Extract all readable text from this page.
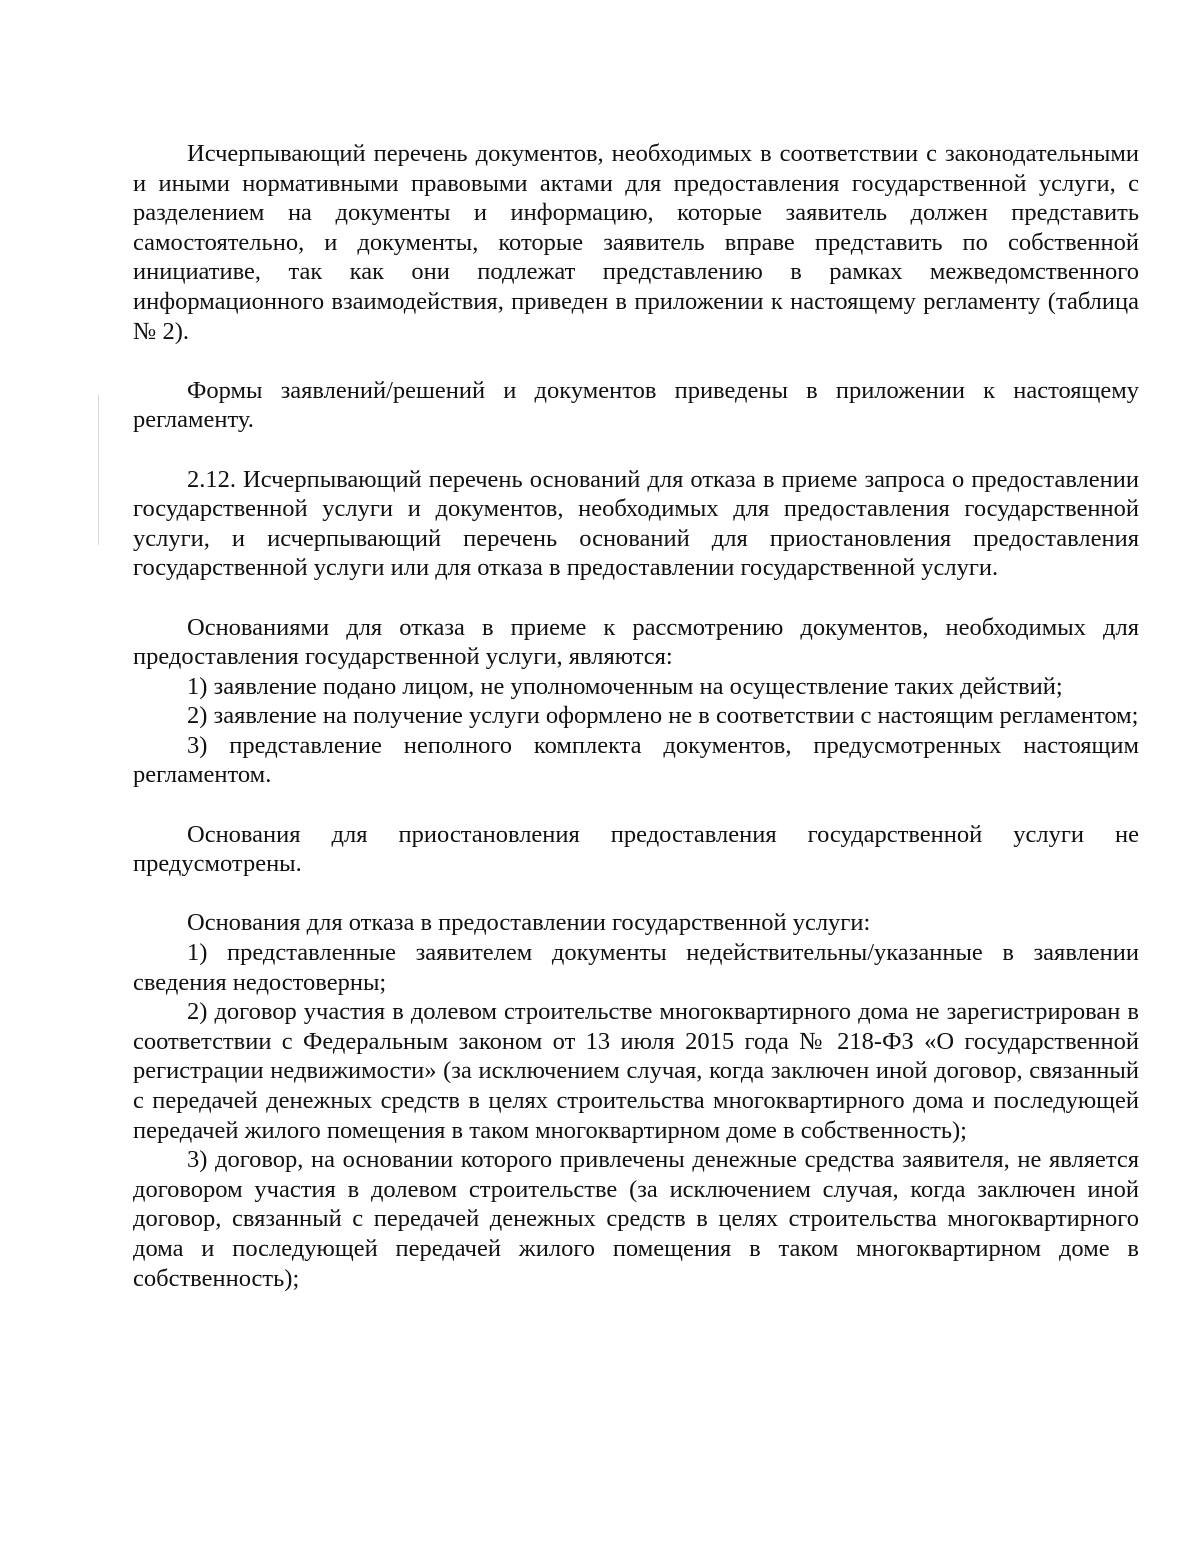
Исчерпывающий перечень документов, необходимых в соответствии с законодательными и иными нормативными правовыми актами для предоставления государственной услуги, с разделением на документы и информацию, которые заявитель должен представить самостоятельно, и документы, которые заявитель вправе представить по собственной инициативе, так как они подлежат представлению в рамках межведомственного информационного взаимодействия, приведен в приложении к настоящему регламенту (таблица № 2).

Формы заявлений/решений и документов приведены в приложении к настоящему регламенту.

2.12. Исчерпывающий перечень оснований для отказа в приеме запроса о предоставлении государственной услуги и документов, необходимых для предоставления государственной услуги, и исчерпывающий перечень оснований для приостановления предоставления государственной услуги или для отказа в предоставлении государственной услуги.

Основаниями для отказа в приеме к рассмотрению документов, необходимых для предоставления государственной услуги, являются:

1) заявление подано лицом, не уполномоченным на осуществление таких действий;

2) заявление на получение услуги оформлено не в соответствии с настоящим регламентом;

3) представление неполного комплекта документов, предусмотренных настоящим регламентом.

Основания для приостановления предоставления государственной услуги не предусмотрены.

Основания для отказа в предоставлении государственной услуги:

1) представленные заявителем документы недействительны/указанные в заявлении сведения недостоверны;

2) договор участия в долевом строительстве многоквартирного дома не зарегистрирован в соответствии с Федеральным законом от 13 июля 2015 года № 218-ФЗ «О государственной регистрации недвижимости» (за исключением случая, когда заключен иной договор, связанный с передачей денежных средств в целях строительства многоквартирного дома и последующей передачей жилого помещения в таком многоквартирном доме в собственность);

3) договор, на основании которого привлечены денежные средства заявителя, не является договором участия в долевом строительстве (за исключением случая, когда заключен иной договор, связанный с передачей денежных средств в целях строительства многоквартирного дома и последующей передачей жилого помещения в таком многоквартирном доме в собственность);
